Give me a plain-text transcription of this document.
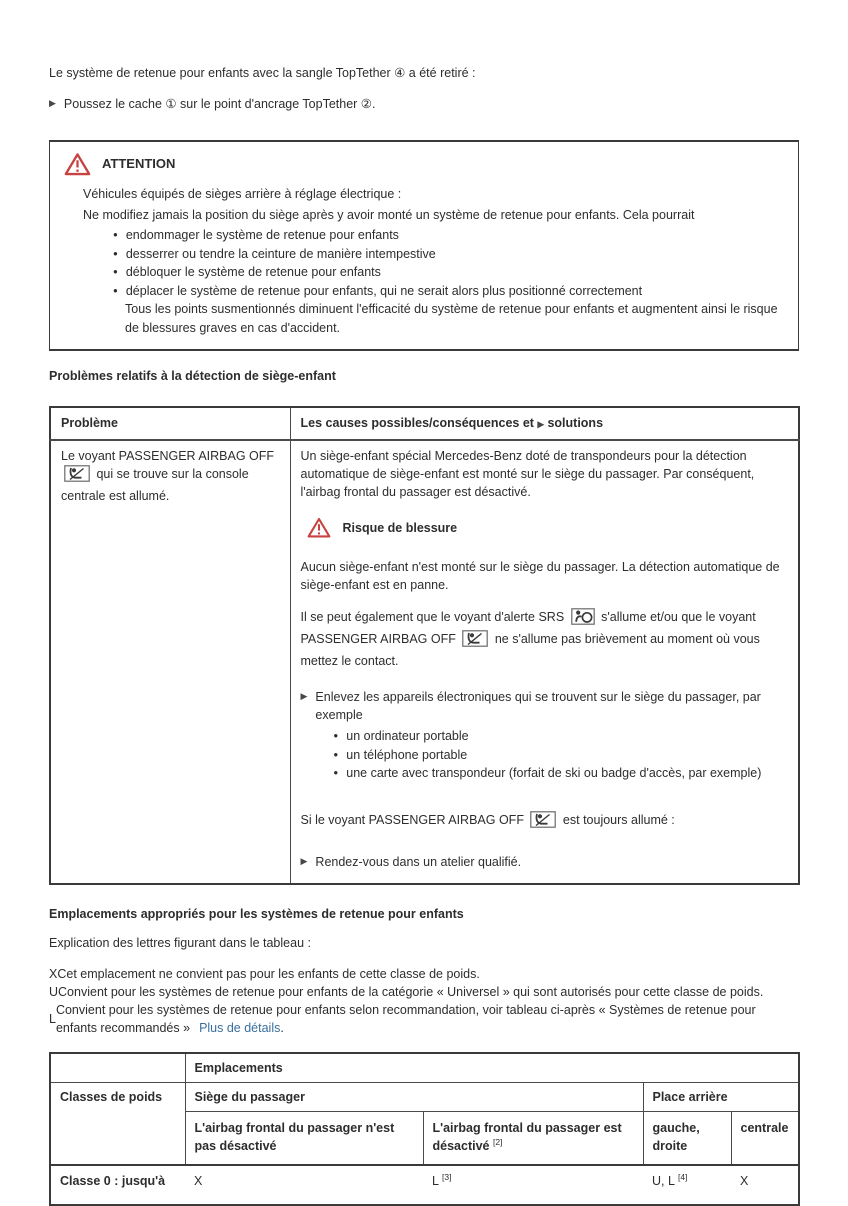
Le système de retenue pour enfants avec la sangle TopTether ④ a été retiré :

▶ Poussez le cache ① sur le point d'ancrage TopTether ②.
ATTENTION

Véhicules équipés de sièges arrière à réglage électrique :

Ne modifiez jamais la position du siège après y avoir monté un système de retenue pour enfants. Cela pourrait

● endommager le système de retenue pour enfants
● desserrer ou tendre la ceinture de manière intempestive
● débloquer le système de retenue pour enfants
● déplacer le système de retenue pour enfants, qui ne serait alors plus positionné correctement

Tous les points susmentionnés diminuent l'efficacité du système de retenue pour enfants et augmentent ainsi le risque de blessures graves en cas d'accident.

Problèmes relatifs à la détection de siège-enfant
Problème	Les causes possibles/conséquences et ▶ solutions
Le voyant PASSENGER AIRBAG OFF  qui se trouve sur la console centrale est allumé.	

Un siège-enfant spécial Mercedes-Benz doté de transpondeurs pour la détection automatique de siège-enfant est monté sur le siège du passager. Par conséquent, l'airbag frontal du passager est désactivé.

Risque de blessure

Aucun siège-enfant n'est monté sur le siège du passager. La détection automatique de siège-enfant est en panne.

Il se peut également que le voyant d'alerte SRS	s'allume et/ou que le voyant PASSENGER AIRBAG OFF	ne s'allume pas brièvement au moment où vous mettez le contact.

▶ Enlevez les appareils électroniques qui se trouvent sur le siège du passager, par exemple
● un ordinateur portable
● un téléphone portable
● une carte avec transpondeur (forfait de ski ou badge d'accès, par exemple)

Si le voyant PASSENGER AIRBAG OFF	est toujours allumé :

▶ Rendez-vous dans un atelier qualifié.
Emplacements appropriés pour les systèmes de retenue pour enfants

Explication des lettres figurant dans le tableau :

X Cet emplacement ne convient pas pour les enfants de cette classe de poids.
U Convient pour les systèmes de retenue pour enfants de la catégorie « Universel » qui sont autorisés pour cette classe de poids.
L
Convient pour les systèmes de retenue pour enfants selon recommandation, voir tableau ci-après « Systèmes de retenue pour enfants recommandés » Plus de détails.
	Emplacements			
Classes de poids	Siège du passager		Place arrière	
	L'airbag frontal du passager n'est pas désactivé	L'airbag frontal du passager est désactivé [2]	gauche, droite	centrale
Classe 0 : jusqu'à	X	L [3]	U, L [4]	X
